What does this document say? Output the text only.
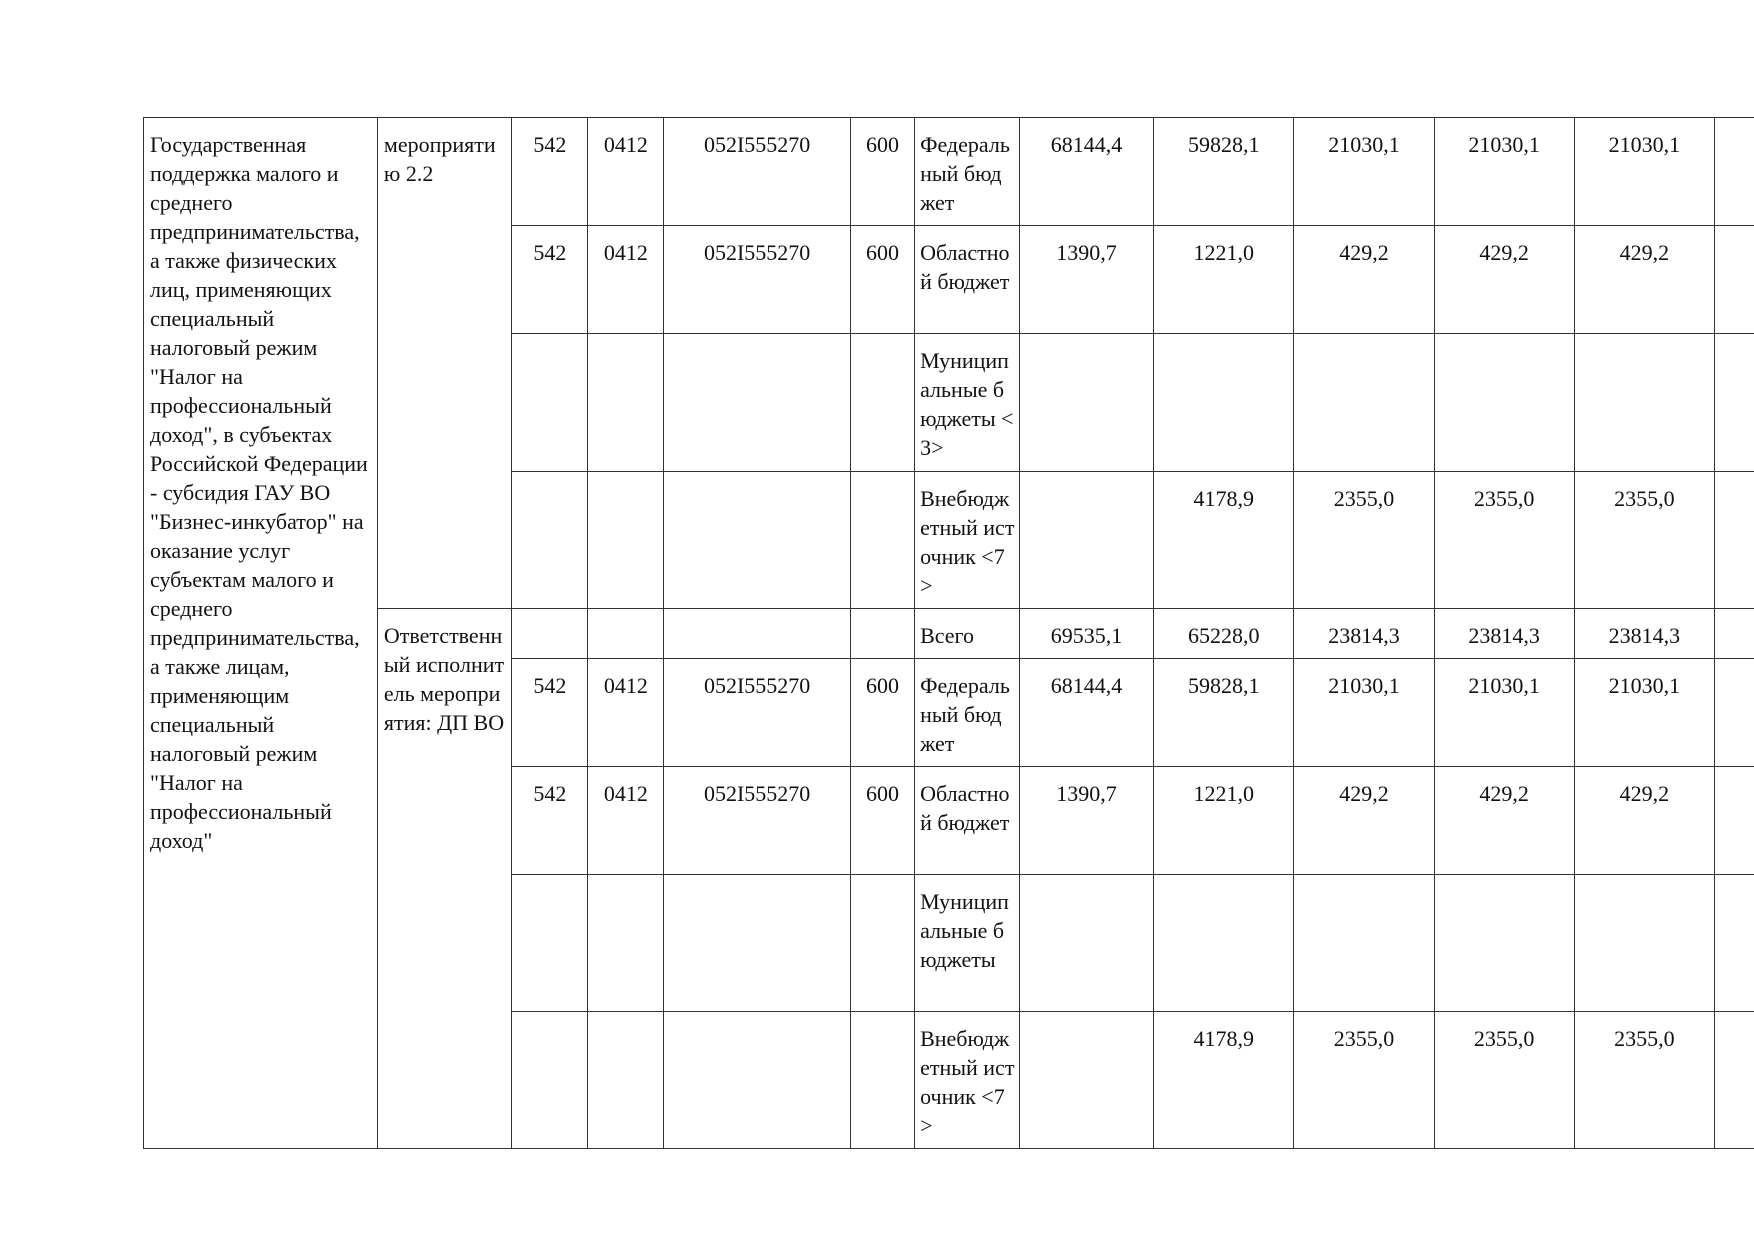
Государственная поддержка малого и среднего предпринимательства, а также физических лиц, применяющих специальный налоговый режим "Налог на профессиональный доход", в субъектах Российской Федерации - субсидия ГАУ ВО "Бизнес-инкубатор" на оказание услуг субъектам малого и среднего предпринимательства, а также лицам, применяющим специальный налоговый режим "Налог на профессиональный доход"	мероприятию 2.2	542	0412	052I555270	600	Федеральный бюджет	68144,4	59828,1	21030,1	21030,1	21030,1	
		542	0412	052I555270	600	Областной бюджет	1390,7	1221,0	429,2	429,2	429,2	
						Муниципальные бюджеты <3>						
						Внебюджетный источник <7>		4178,9	2355,0	2355,0	2355,0	
	Ответственный исполнитель мероприятия: ДП ВО					Всего	69535,1	65228,0	23814,3	23814,3	23814,3	
		542	0412	052I555270	600	Федеральный бюджет	68144,4	59828,1	21030,1	21030,1	21030,1	
		542	0412	052I555270	600	Областной бюджет	1390,7	1221,0	429,2	429,2	429,2	
						Муниципальные бюджеты						
						Внебюджетный источник <7>		4178,9	2355,0	2355,0	2355,0	
